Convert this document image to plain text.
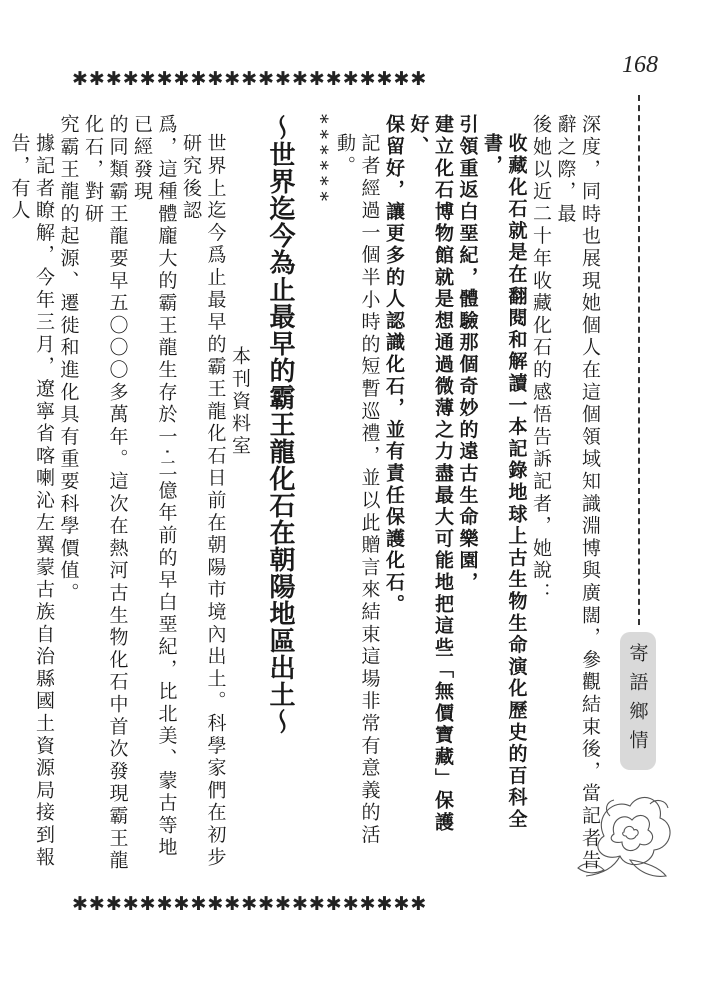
168
✱✱✱✱✱✱✱✱✱✱✱✱✱✱✱✱✱✱✱✱✱
✱✱✱✱✱✱✱✱✱✱✱✱✱✱✱✱✱✱✱✱✱
寄語鄉情

深度，同時也展現她個人在這個領域知識淵博與廣闊，參觀結束後，當記者告辭之際，最

後她以近二十年收藏化石的感悟告訴記者，她說：

收藏化石就是在翻閱和解讀一本記錄地球上古生物生命演化歷史的百科全書，

引領重返白堊紀，體驗那個奇妙的遠古生命樂園，

建立化石博物館就是想通過微薄之力盡最大可能地把這些「無價寶藏」保護好、

保留好，讓更多的人認識化石，並有責任保護化石。

記者經過一個半小時的短暫巡禮，並以此贈言來結束這場非常有意義的活動。

******

～世界迄今為止最早的霸王龍化石在朝陽地區出土～

本刊資料室

世界上迄今爲止最早的霸王龍化石日前在朝陽市境內出土。科學家們在初步研究後認

爲，這種體龐大的霸王龍生存於一‧二億年前的早白堊紀，比北美、蒙古等地已經發現

的同類霸王龍要早五〇〇〇多萬年。這次在熱河古生物化石中首次發現霸王龍化石，對研

究霸王龍的起源、遷徙和進化具有重要科學價值。

據記者瞭解，今年三月，遼寧省喀喇沁左翼蒙古族自治縣國土資源局接到報告，有人
